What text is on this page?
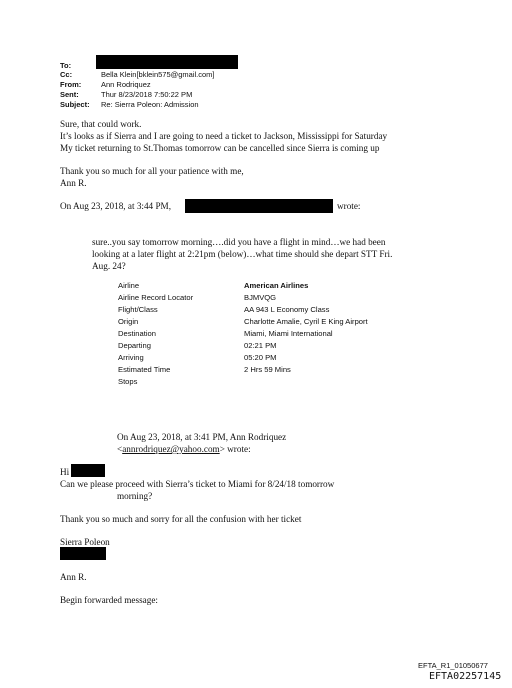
To:
Cc:	Bella Klein[bklein575@gmail.com]
From:	Ann Rodriquez
Sent:	Thur 8/23/2018 7:50:22 PM
Subject: Re: Sierra Poleon: Admission
Sure, that could work.
It’s looks as if Sierra and I are going to need a ticket to Jackson, Mississippi for Saturday
My ticket returning to St.Thomas tomorrow can be cancelled since Sierra is coming up
Thank you so much for all your patience with me,
Ann R.
On Aug 23, 2018, at 3:44 PM,	wrote:
sure..you say tomorrow morning….did you have a flight in mind…we had been
looking at a later flight at 2:21pm (below)…what time should she depart STT Fri.
Aug. 24?
Airline	American Airlines
Airline Record Locator	BJMVQG
Flight/Class	AA 943 L Economy Class
Origin	Charlotte Amalie, Cyril E King Airport
Destination	Miami, Miami International
Departing	02:21 PM
Arriving	05:20 PM
Estimated Time	2 Hrs 59 Mins
Stops
On Aug 23, 2018, at 3:41 PM, Ann Rodriquez
<annrodriquez@yahoo.com> wrote:
Hi
Can we please proceed with Sierra’s ticket to Miami for 8/24/18 tomorrow
morning?
Thank you so much and sorry for all the confusion with her ticket
Sierra Poleon
Ann R.
Begin forwarded message:
EFTA_R1_01050677
EFTA02257145
